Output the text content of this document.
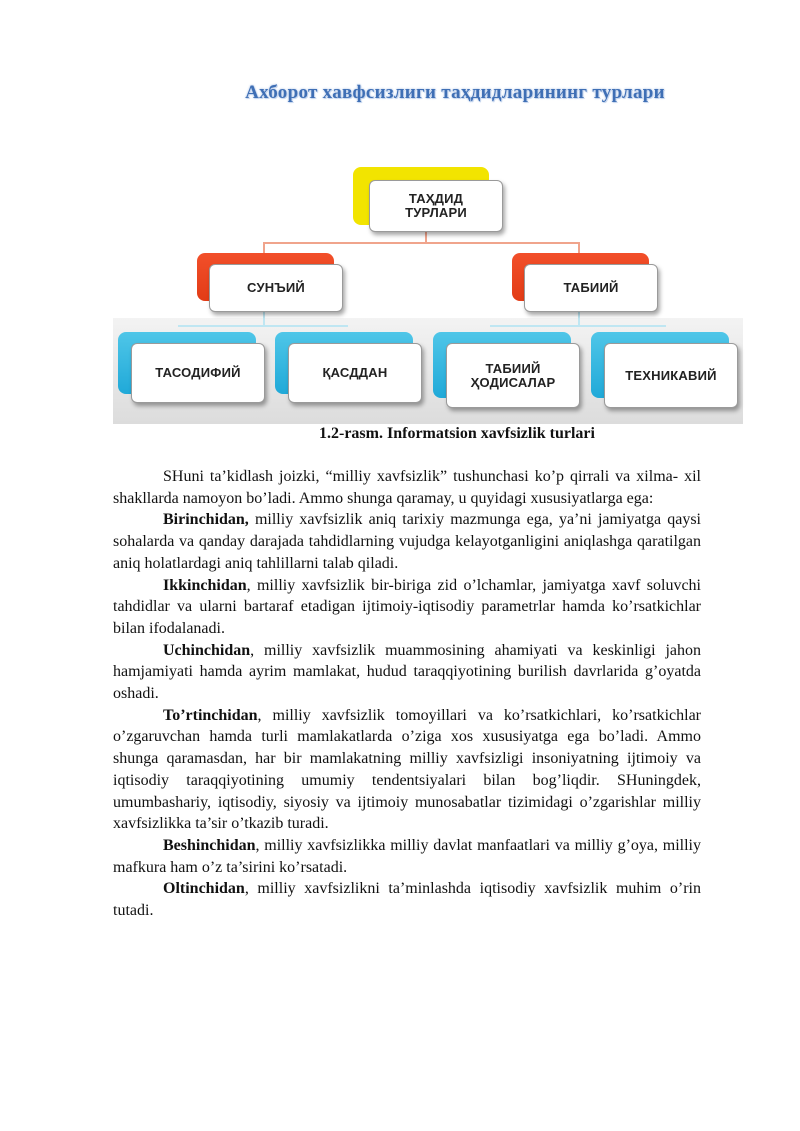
Ахборот хавфсизлиги таҳдидларининг турлари
ТАҲДИД
ТУРЛАРИ
СУНЪИЙ	ТАБИИЙ
ТАСОДИФИЙ	ҚАСДДАН	ТАБИИЙ
ҲОДИСАЛАР	ТЕХНИКАВИЙ
1.2-rasm. Informatsion xavfsizlik turlari

SHuni ta’kidlash joizki, “milliy xavfsizlik” tushunchasi ko’p qirrali va xilma- xil shakllarda namoyon bo’ladi. Ammo shunga qaramay, u quyidagi xususiyatlarga ega:

Birinchidan, milliy xavfsizlik aniq tarixiy mazmunga ega, ya’ni jamiyatga qaysi sohalarda va qanday darajada tahdidlarning vujudga kelayotganligini aniqlashga qaratilgan aniq holatlardagi aniq tahlillarni talab qiladi.

Ikkinchidan, milliy xavfsizlik bir-biriga zid o’lchamlar, jamiyatga xavf soluvchi tahdidlar va ularni bartaraf etadigan ijtimoiy-iqtisodiy parametrlar hamda ko’rsatkichlar bilan ifodalanadi.

Uchinchidan, milliy xavfsizlik muammosining ahamiyati va keskinligi jahon hamjamiyati hamda ayrim mamlakat, hudud taraqqiyotining burilish davrlarida g’oyatda oshadi.

To’rtinchidan, milliy xavfsizlik tomoyillari va ko’rsatkichlari, ko’rsatkichlar o’zgaruvchan hamda turli mamlakatlarda o’ziga xos xususiyatga ega bo’ladi. Ammo shunga qaramasdan, har bir mamlakatning milliy xavfsizligi insoniyatning ijtimoiy va iqtisodiy taraqqiyotining umumiy tendentsiyalari bilan bog’liqdir. SHuningdek, umumbashariy, iqtisodiy, siyosiy va ijtimoiy munosabatlar tizimidagi o’zgarishlar milliy xavfsizlikka ta’sir o’tkazib turadi.

Beshinchidan, milliy xavfsizlikka milliy davlat manfaatlari va milliy g’oya, milliy mafkura ham o’z ta’sirini ko’rsatadi.

Oltinchidan, milliy xavfsizlikni ta’minlashda iqtisodiy xavfsizlik muhim o’rin tutadi.
